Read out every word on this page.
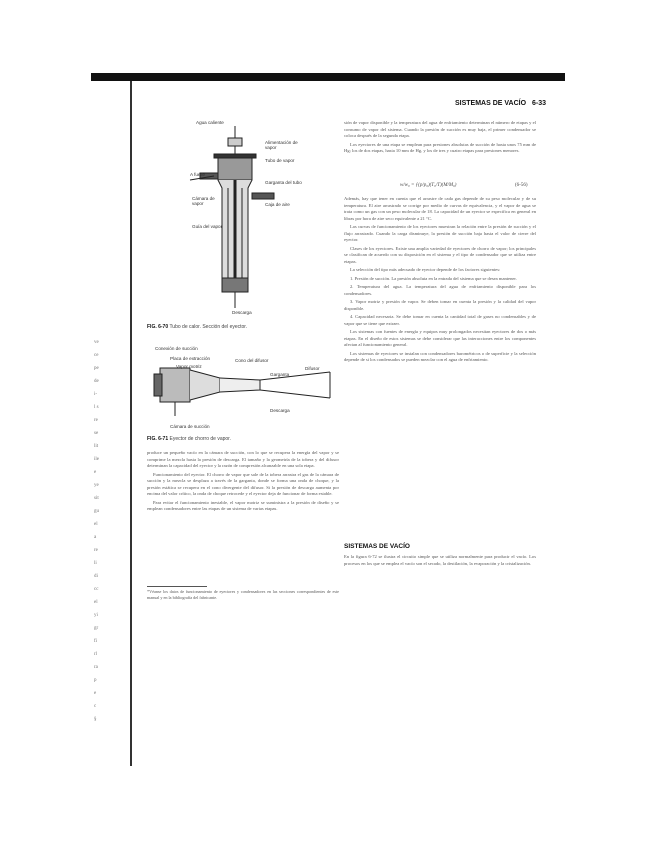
SISTEMAS DE VACÍO 6-33
ve
ce
pe
de
i-
l s
re
se
lit
ile
e
ye
sit
gu
el
a
re
li
di
cc
el
yi
gr
fi
rl
ra
p
e
c
§
Agua caliente
Alimentación de vapor
Tubo de vapor
A fuelle
Garganta del tubo
Cámara de vapor	Caja de aire
Guía del vapor
Descarga
FIG. 6-70 Tubo de calor. Sección del eyector.
Conexión de succión
Placa de extracción
Vapor motriz
Cono del difusor
Garganta
Difusor
Descarga
Cámara de succión
FIG. 6-71 Eyector de chorro de vapor.

produce un pequeño vacío en la cámara de succión, con lo que se recupera la energía del vapor y se comprime la mezcla hasta la presión de descarga. El tamaño y la geometría de la tobera y del difusor determinan la capacidad del eyector y la razón de compresión alcanzable en una sola etapa.

Funcionamiento del eyector. El chorro de vapor que sale de la tobera arrastra el gas de la cámara de succión y la mezcla se desplaza a través de la garganta, donde se forma una onda de choque, y la presión estática se recupera en el cono divergente del difusor. Si la presión de descarga aumenta por encima del valor crítico, la onda de choque retrocede y el eyector deja de funcionar de forma estable.

Para evitar el funcionamiento inestable, el vapor motriz se suministra a la presión de diseño y se emplean condensadores entre las etapas de un sistema de varias etapas.

*Véanse los datos de funcionamiento de eyectores y condensadores en las secciones correspondientes de este manual y en la bibliografía del fabricante.

sión de vapor disponible y la temperatura del agua de enfriamiento determinan el número de etapas y el consumo de vapor del sistema. Cuando la presión de succión es muy baja, el primer condensador se coloca después de la segunda etapa.

Los eyectores de una etapa se emplean para presiones absolutas de succión de hasta unos 75 mm de Hg; los de dos etapas, hasta 10 mm de Hg, y los de tres y cuatro etapas para presiones menores.

w/w₀ = ƒ(p/p₀)(T₀/T)(M/M₀)	(6-56)

Además, hay que tener en cuenta que el arrastre de cada gas depende de su peso molecular y de su temperatura. El aire arrastrado se corrige por medio de curvas de equivalencia, y el vapor de agua se trata como un gas con un peso molecular de 18. La capacidad de un eyector se especifica en general en libras por hora de aire seco equivalente a 21 °C.

Las curvas de funcionamiento de los eyectores muestran la relación entre la presión de succión y el flujo arrastrado. Cuando la carga disminuye, la presión de succión baja hasta el valor de cierre del eyector.

Clases de los eyectores. Existe una amplia variedad de eyectores de chorro de vapor; los principales se clasifican de acuerdo con su disposición en el sistema y el tipo de condensador que se utiliza entre etapas.

La selección del tipo más adecuado de eyector depende de los factores siguientes:

1. Presión de succión. La presión absoluta en la entrada del sistema que se desea mantener.

2. Temperatura del agua. La temperatura del agua de enfriamiento disponible para los condensadores.

3. Vapor motriz y presión de vapor. Se deben tomar en cuenta la presión y la calidad del vapor disponible.

4. Capacidad necesaria. Se debe tomar en cuenta la cantidad total de gases no condensables y de vapor que se tiene que extraer.

Los sistemas con fuentes de energía y equipos muy prolongados necesitan eyectores de dos o más etapas. En el diseño de estos sistemas se debe considerar que las interacciones entre los componentes afectan al funcionamiento general.

Los sistemas de eyectores se instalan con condensadores barométricos o de superficie y la selección depende de si los condensados se pueden mezclar con el agua de enfriamiento.

SISTEMAS DE VACÍO

En la figura 6-72 se ilustra el circuito simple que se utiliza normalmente para producir el vacío. Los procesos en los que se emplea el vacío son el secado, la destilación, la evaporación y la cristalización.
